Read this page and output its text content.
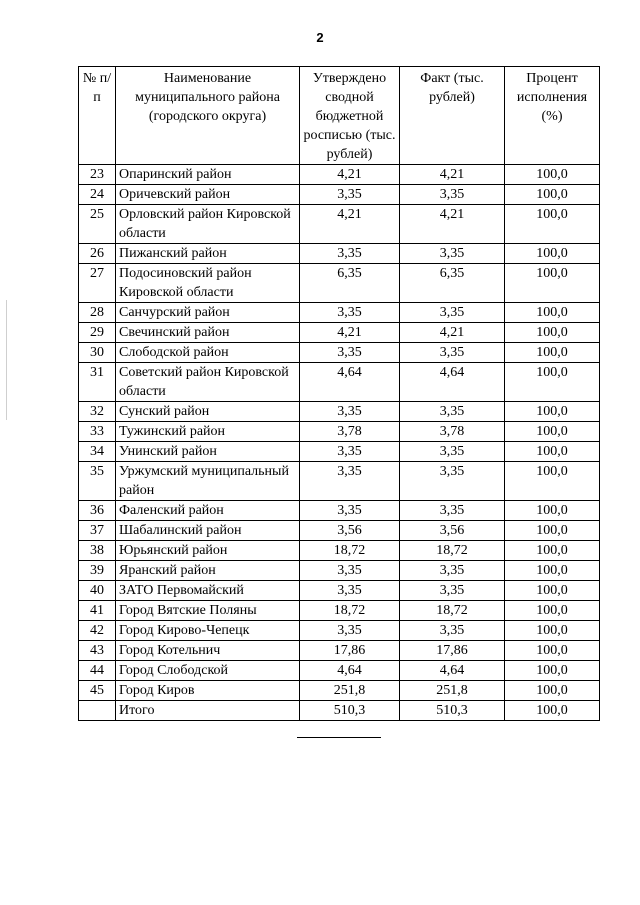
2
№ п/п	Наименование муниципального района (городского округа)	Утверждено сводной бюджетной росписью (тыс. рублей)	Факт (тыс. рублей)	Процент исполнения (%)
23	Опаринский район	4,21	4,21	100,0
24	Оричевский район	3,35	3,35	100,0
25	Орловский район Кировской области	4,21	4,21	100,0
26	Пижанский район	3,35	3,35	100,0
27	Подосиновский район Кировской области	6,35	6,35	100,0
28	Санчурский район	3,35	3,35	100,0
29	Свечинский район	4,21	4,21	100,0
30	Слободской район	3,35	3,35	100,0
31	Советский район Кировской области	4,64	4,64	100,0
32	Сунский район	3,35	3,35	100,0
33	Тужинский район	3,78	3,78	100,0
34	Унинский район	3,35	3,35	100,0
35	Уржумский муниципальный район	3,35	3,35	100,0
36	Фаленский район	3,35	3,35	100,0
37	Шабалинский район	3,56	3,56	100,0
38	Юрьянский район	18,72	18,72	100,0
39	Яранский район	3,35	3,35	100,0
40	ЗАТО Первомайский	3,35	3,35	100,0
41	Город Вятские Поляны	18,72	18,72	100,0
42	Город Кирово-Чепецк	3,35	3,35	100,0
43	Город Котельнич	17,86	17,86	100,0
44	Город Слободской	4,64	4,64	100,0
45	Город Киров	251,8	251,8	100,0
	Итого	510,3	510,3	100,0
